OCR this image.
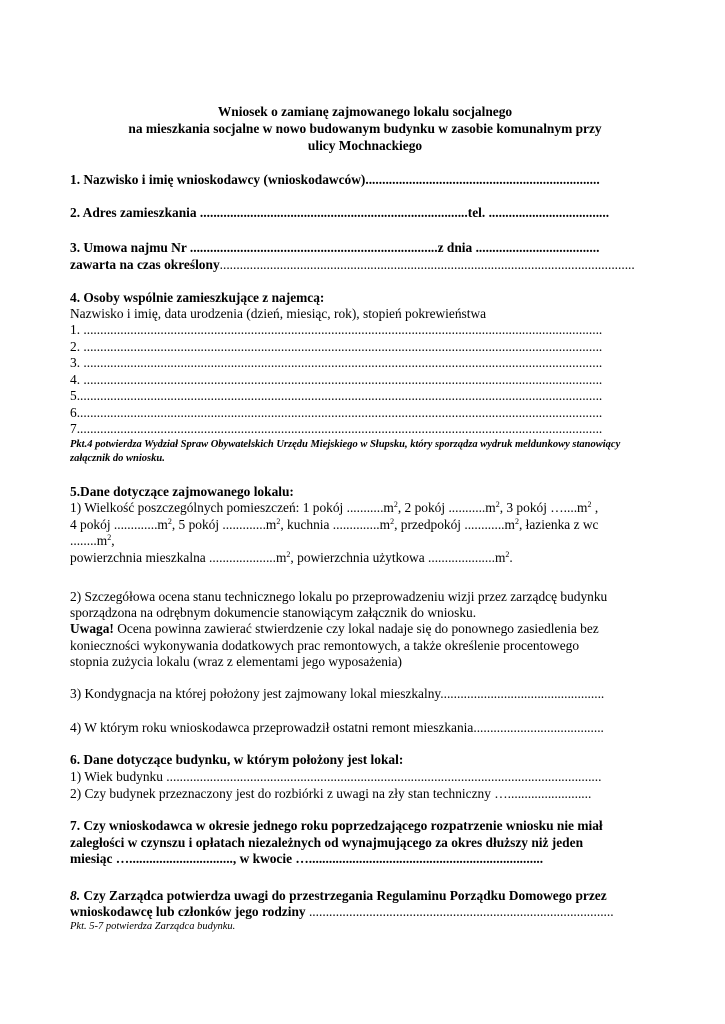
Wniosek o zamianę zajmowanego lokalu socjalnego
na mieszkania socjalne w nowo budowanym budynku w zasobie komunalnym przy
ulicy Mochnackiego
1. Nazwisko i imię wnioskodawcy (wnioskodawców)......................................................................
2. Adres zamieszkania ................................................................................tel. ....................................
3. Umowa najmu Nr ..........................................................................z dnia .....................................
zawarta na czas określony............................................................................................................................
4. Osoby wspólnie zamieszkujące z najemcą:
Nazwisko i imię, data urodzenia (dzień, miesiąc, rok), stopień pokrewieństwa
1. ...........................................................................................................................................................
2. ...........................................................................................................................................................
3. ...........................................................................................................................................................
4. ...........................................................................................................................................................
5.............................................................................................................................................................
6.............................................................................................................................................................
7.............................................................................................................................................................
Pkt.4 potwierdza Wydział Spraw Obywatelskich Urzędu Miejskiego w Słupsku, który sporządza wydruk meldunkowy stanowiący załącznik do wniosku.
5.Dane dotyczące zajmowanego lokalu:
1) Wielkość poszczególnych pomieszczeń: 1 pokój $...........m^2$, 2 pokój $...........m^2$, 3 pokój $\dots....m^2$ ,
4 pokój $.............m^2$, 5 pokój $.............m^2$, kuchnia $..............m^2$, przedpokój $............m^2$, łazienka z wc
$........m^2$,
powierzchnia mieszkalna $....................m^2$, powierzchnia użytkowa $....................m^2$.
2) Szczegółowa ocena stanu technicznego lokalu po przeprowadzeniu wizji przez zarządcę budynku
sporządzona na odrębnym dokumencie stanowiącym załącznik do wniosku.
Uwaga! Ocena powinna zawierać stwierdzenie czy lokal nadaje się do ponownego zasiedlenia bez
konieczności wykonywania dodatkowych prac remontowych, a także określenie procentowego
stopnia zużycia lokalu (wraz z elementami jego wyposażenia)
3) Kondygnacja na której położony jest zajmowany lokal mieszkalny.................................................
4) W którym roku wnioskodawca przeprowadził ostatni remont mieszkania.......................................
6. Dane dotyczące budynku, w którym położony jest lokal:
1) Wiek budynku ..................................................................................................................................
2) Czy budynek przeznaczony jest do rozbiórki z uwagi na zły stan techniczny ….........................
7. Czy wnioskodawca w okresie jednego roku poprzedzającego rozpatrzenie wniosku nie miał
zaległości w czynszu i opłatach niezależnych od wynajmującego za okres dłuższy niż jeden
miesiąc …..............................., w kwocie …......................................................................
8. Czy Zarządca potwierdza uwagi do przestrzegania Regulaminu Porządku Domowego przez
wnioskodawcę lub członków jego rodziny ...........................................................................................
Pkt. 5-7 potwierdza Zarządca budynku.
